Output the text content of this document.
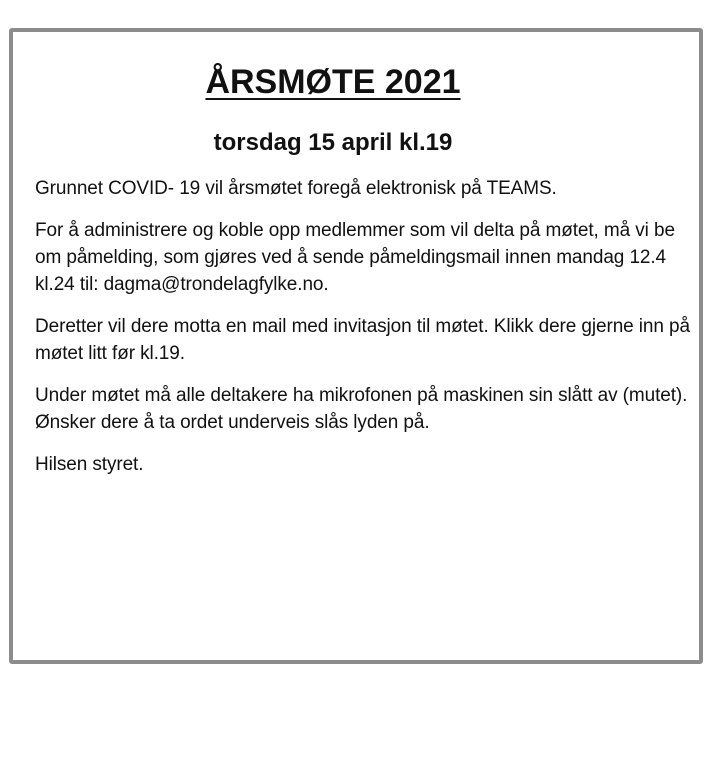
ÅRSMØTE 2021
torsdag 15 april kl.19

Grunnet COVID- 19 vil årsmøtet foregå elektronisk på TEAMS.

For å administrere og koble opp medlemmer som vil delta på møtet, må vi be om påmelding, som gjøres ved å sende påmeldingsmail innen mandag 12.4 kl.24 til: dagma@trondelagfylke.no.

Deretter vil dere motta en mail med invitasjon til møtet. Klikk dere gjerne inn på møtet litt før kl.19.

Under møtet må alle deltakere ha mikrofonen på maskinen sin slått av (mutet). Ønsker dere å ta ordet underveis slås lyden på.

Hilsen styret.
